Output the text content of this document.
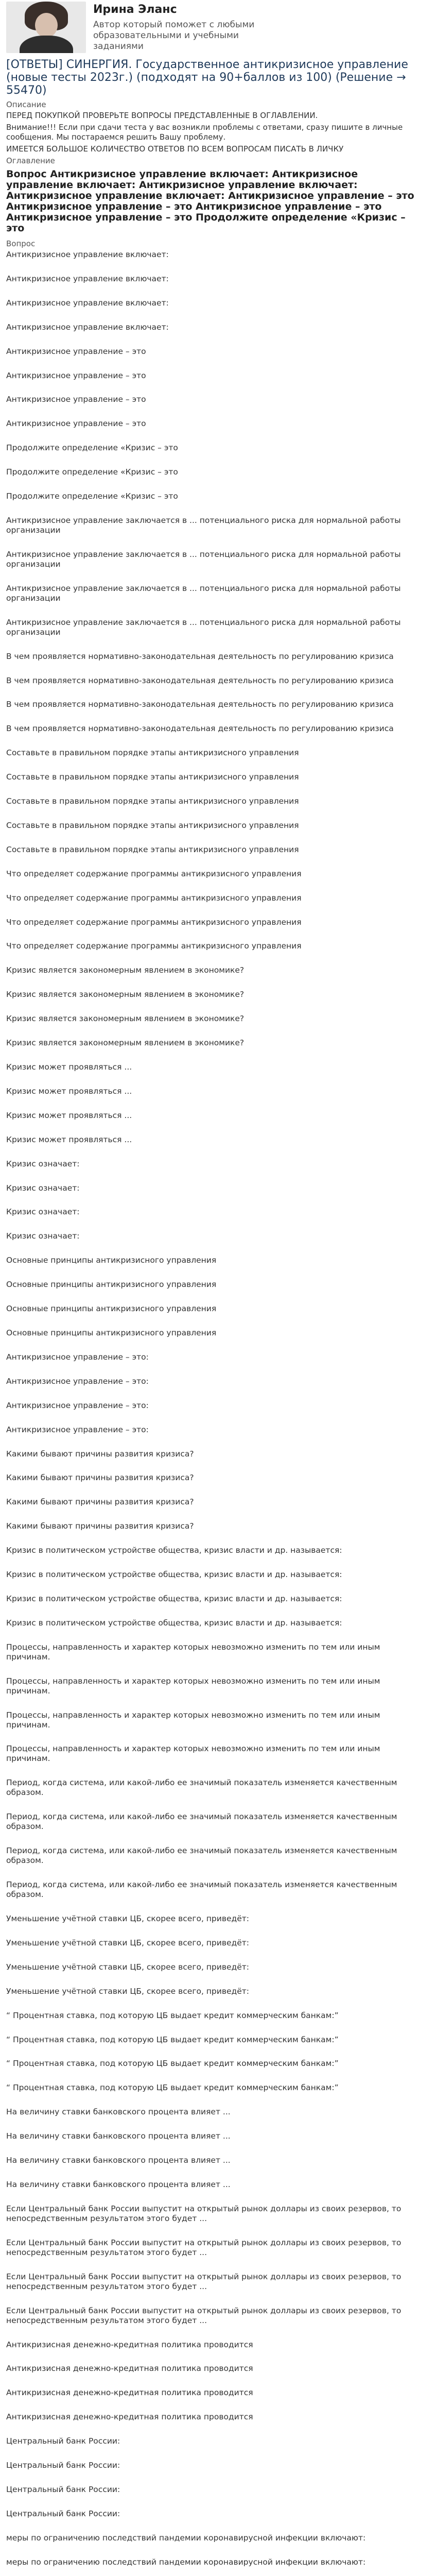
Ирина Эланс
Автор который поможет с любыми образовательными и учебными заданиями
[ОТВЕТЫ] СИНЕРГИЯ. Государственное антикризисное управление (новые тесты 2023г.) (подходят на 90+баллов из 100) (Решение → 55470)
Описание
ПЕРЕД ПОКУПКОЙ ПРОВЕРЬТЕ ВОПРОСЫ ПРЕДСТАВЛЕННЫЕ В ОГЛАВЛЕНИИ.
Внимание!!! Если при сдачи теста у вас возникли проблемы с ответами, сразу пишите в личные сообщения. Мы постараемся решить Вашу проблему.
ИМЕЕТСЯ БОЛЬШОЕ КОЛИЧЕСТВО ОТВЕТОВ ПО ВСЕМ ВОПРОСАМ ПИСАТЬ В ЛИЧКУ
Оглавление
Вопрос Антикризисное управление включает: Антикризисное управление включает: Антикризисное управление включает: Антикризисное управление включает: Антикризисное управление – это Антикризисное управление – это Антикризисное управление – это Антикризисное управление – это Продолжите определение «Кризис – это
Вопрос
Антикризисное управление включает:
Антикризисное управление включает:
Антикризисное управление включает:
Антикризисное управление включает:
Антикризисное управление – это
Антикризисное управление – это
Антикризисное управление – это
Антикризисное управление – это
Продолжите определение «Кризис – это
Продолжите определение «Кризис – это
Продолжите определение «Кризис – это
Антикризисное управление заключается в ... потенциального риска для нормальной работы организации
Антикризисное управление заключается в ... потенциального риска для нормальной работы организации
Антикризисное управление заключается в ... потенциального риска для нормальной работы организации
Антикризисное управление заключается в ... потенциального риска для нормальной работы организации
В чем проявляется нормативно-законодательная деятельность по регулированию кризиса
В чем проявляется нормативно-законодательная деятельность по регулированию кризиса
В чем проявляется нормативно-законодательная деятельность по регулированию кризиса
В чем проявляется нормативно-законодательная деятельность по регулированию кризиса
Составьте в правильном порядке этапы антикризисного управления
Составьте в правильном порядке этапы антикризисного управления
Составьте в правильном порядке этапы антикризисного управления
Составьте в правильном порядке этапы антикризисного управления
Составьте в правильном порядке этапы антикризисного управления
Что определяет содержание программы антикризисного управления
Что определяет содержание программы антикризисного управления
Что определяет содержание программы антикризисного управления
Что определяет содержание программы антикризисного управления
Кризис является закономерным явлением в экономике?
Кризис является закономерным явлением в экономике?
Кризис является закономерным явлением в экономике?
Кризис является закономерным явлением в экономике?
Кризис может проявляться ...
Кризис может проявляться ...
Кризис может проявляться ...
Кризис может проявляться ...
Кризис означает:
Кризис означает:
Кризис означает:
Кризис означает:
Основные принципы антикризисного управления
Основные принципы антикризисного управления
Основные принципы антикризисного управления
Основные принципы антикризисного управления
Антикризисное управление – это:
Антикризисное управление – это:
Антикризисное управление – это:
Антикризисное управление – это:
Какими бывают причины развития кризиса?
Какими бывают причины развития кризиса?
Какими бывают причины развития кризиса?
Какими бывают причины развития кризиса?
Кризис в политическом устройстве общества, кризис власти и др. называется:
Кризис в политическом устройстве общества, кризис власти и др. называется:
Кризис в политическом устройстве общества, кризис власти и др. называется:
Кризис в политическом устройстве общества, кризис власти и др. называется:
Процессы, направленность и характер которых невозможно изменить по тем или иным причинам.
Процессы, направленность и характер которых невозможно изменить по тем или иным причинам.
Процессы, направленность и характер которых невозможно изменить по тем или иным причинам.
Процессы, направленность и характер которых невозможно изменить по тем или иным причинам.
Период, когда система, или какой-либо ее значимый показатель изменяется качественным образом.
Период, когда система, или какой-либо ее значимый показатель изменяется качественным образом.
Период, когда система, или какой-либо ее значимый показатель изменяется качественным образом.
Период, когда система, или какой-либо ее значимый показатель изменяется качественным образом.
Уменьшение учётной ставки ЦБ, скорее всего, приведёт:
Уменьшение учётной ставки ЦБ, скорее всего, приведёт:
Уменьшение учётной ставки ЦБ, скорее всего, приведёт:
Уменьшение учётной ставки ЦБ, скорее всего, приведёт:
“ Процентная ставка, под которую ЦБ выдает кредит коммерческим банкам:”
“ Процентная ставка, под которую ЦБ выдает кредит коммерческим банкам:”
“ Процентная ставка, под которую ЦБ выдает кредит коммерческим банкам:”
“ Процентная ставка, под которую ЦБ выдает кредит коммерческим банкам:”
На величину ставки банковского процента влияет ...
На величину ставки банковского процента влияет ...
На величину ставки банковского процента влияет ...
На величину ставки банковского процента влияет ...
Если Центральный банк России выпустит на открытый рынок доллары из своих резервов, то непосредственным результатом этого будет ...
Если Центральный банк России выпустит на открытый рынок доллары из своих резервов, то непосредственным результатом этого будет ...
Если Центральный банк России выпустит на открытый рынок доллары из своих резервов, то непосредственным результатом этого будет ...
Если Центральный банк России выпустит на открытый рынок доллары из своих резервов, то непосредственным результатом этого будет ...
Антикризисная денежно-кредитная политика проводится
Антикризисная денежно-кредитная политика проводится
Антикризисная денежно-кредитная политика проводится
Антикризисная денежно-кредитная политика проводится
Центральный банк России:
Центральный банк России:
Центральный банк России:
Центральный банк России:
меры по ограничению последствий пандемии коронавирусной инфекции включают:
меры по ограничению последствий пандемии коронавирусной инфекции включают:
